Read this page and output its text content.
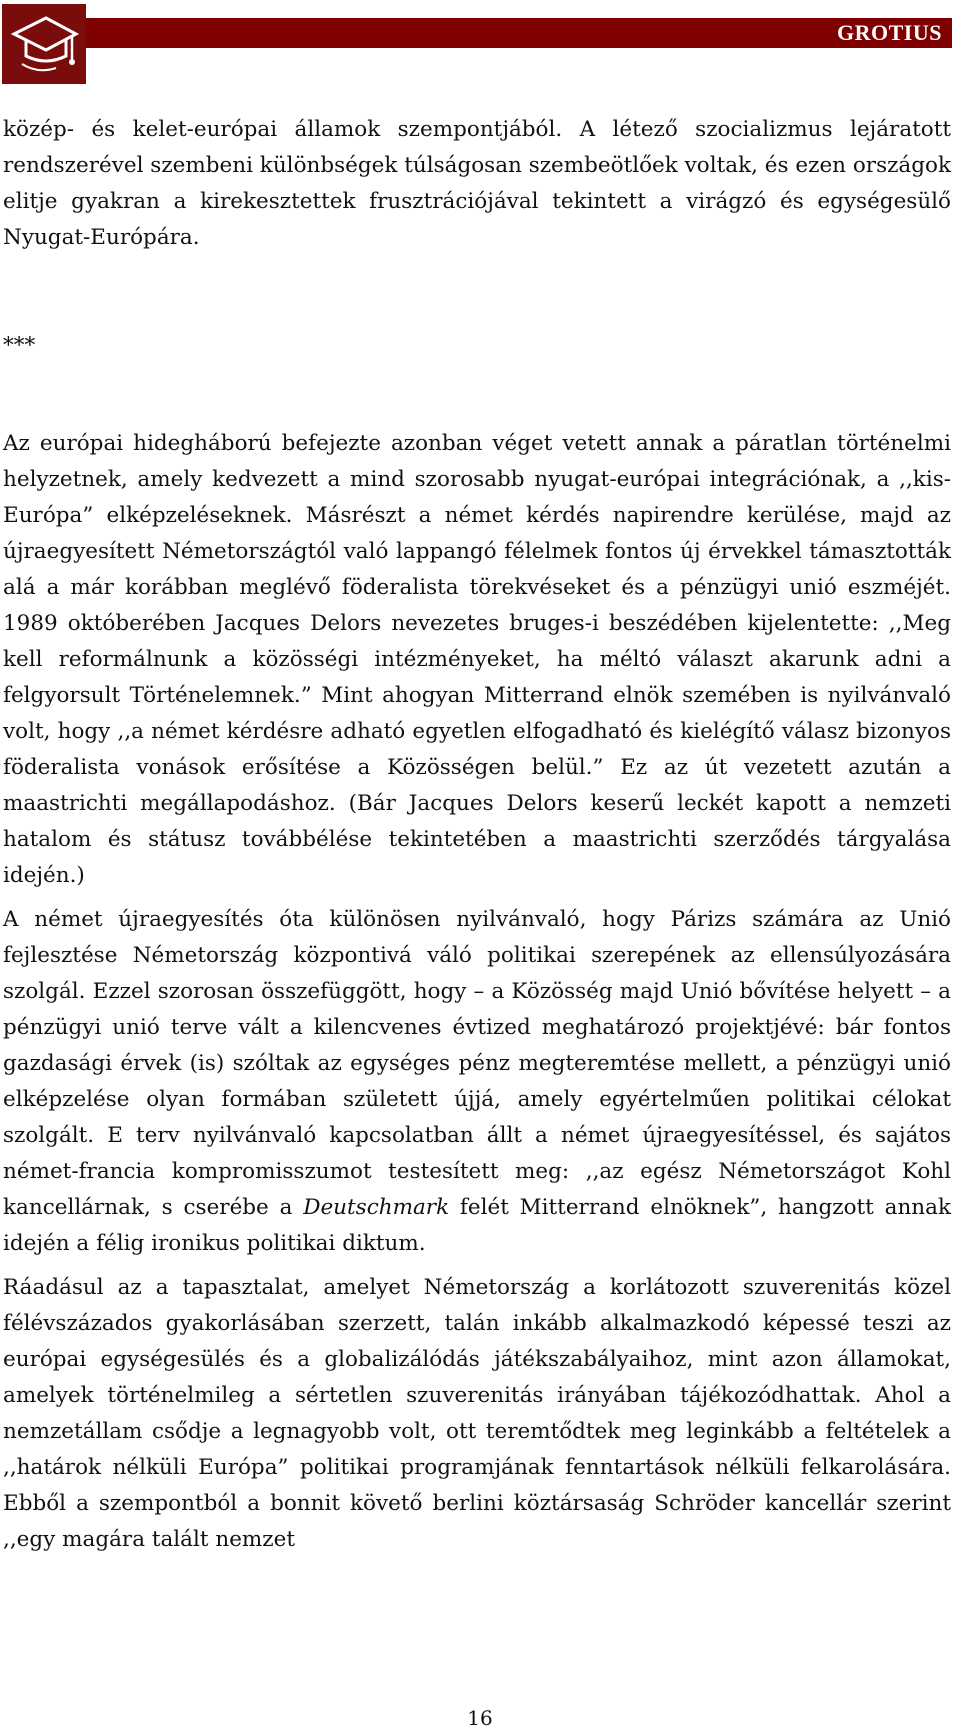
GROTIUS

közép- és kelet-európai államok szempontjából. A létező szocializmus lejáratott rendszerével szembeni különbségek túlságosan szembeötlőek voltak, és ezen országok elitje gyakran a kirekesztettek frusztrációjával tekintett a virágzó és egységesülő Nyugat-Európára.

***

Az európai hidegháború befejezte azonban véget vetett annak a páratlan történelmi helyzetnek, amely kedvezett a mind szorosabb nyugat-európai integrációnak, a ,,kis-Európa” elképzeléseknek. Másrészt a német kérdés napirendre kerülése, majd az újraegyesített Németországtól való lappangó félelmek fontos új érvekkel támasztották alá a már korábban meglévő föderalista törekvéseket és a pénzügyi unió eszméjét. 1989 októberében Jacques Delors nevezetes bruges-i beszédében kijelentette: ,,Meg kell reformálnunk a közösségi intézményeket, ha méltó választ akarunk adni a felgyorsult Történelemnek.” Mint ahogyan Mitterrand elnök szemében is nyilvánvaló volt, hogy ,,a német kérdésre adható egyetlen elfogadható és kielégítő válasz bizonyos föderalista vonások erősítése a Közösségen belül.” Ez az út vezetett azután a maastrichti megállapodáshoz. (Bár Jacques Delors keserű leckét kapott a nemzeti hatalom és státusz továbbélése tekintetében a maastrichti szerződés tárgyalása idején.)

A német újraegyesítés óta különösen nyilvánvaló, hogy Párizs számára az Unió fejlesztése Németország központivá váló politikai szerepének az ellensúlyozására szolgál. Ezzel szorosan összefüggött, hogy – a Közösség majd Unió bővítése helyett – a pénzügyi unió terve vált a kilencvenes évtized meghatározó projektjévé: bár fontos gazdasági érvek (is) szóltak az egységes pénz megteremtése mellett, a pénzügyi unió elképzelése olyan formában született újjá, amely egyértelműen politikai célokat szolgált. E terv nyilvánvaló kapcsolatban állt a német újraegyesítéssel, és sajátos német-francia kompromisszumot testesített meg: ,,az egész Németországot Kohl kancellárnak, s cserébe a Deutschmark felét Mitterrand elnöknek”, hangzott annak idején a félig ironikus politikai diktum.

Ráadásul az a tapasztalat, amelyet Németország a korlátozott szuverenitás közel félévszázados gyakorlásában szerzett, talán inkább alkalmazkodó képessé teszi az európai egységesülés és a globalizálódás játékszabályaihoz, mint azon államokat, amelyek történelmileg a sértetlen szuverenitás irányában tájékozódhattak. Ahol a nemzetállam csődje a legnagyobb volt, ott teremtődtek meg leginkább a feltételek a ,,határok nélküli Európa” politikai programjának fenntartások nélküli felkarolására. Ebből a szempontból a bonnit követő berlini köztársaság Schröder kancellár szerint ,,egy magára talált nemzet

16
